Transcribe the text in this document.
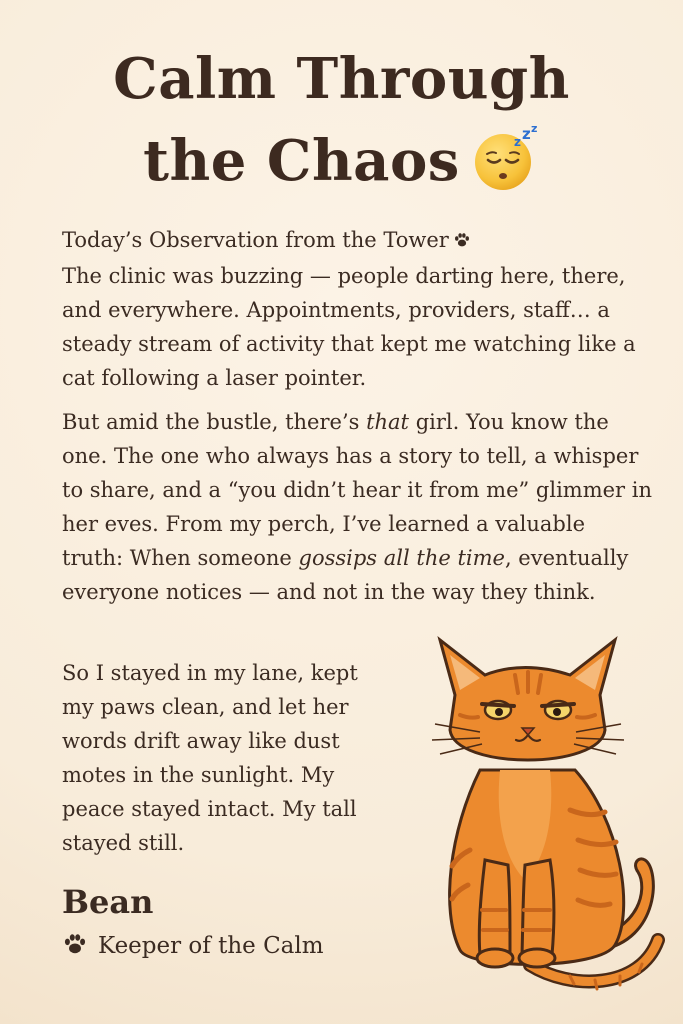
Calm Through
the Chaos	z z z
Today’s Observation from the Tower

The clinic was buzzing — people darting here, there, and everywhere. Appointments, providers, staff… a steady stream of activity that kept me watching like a cat following a laser pointer.

But amid the bustle, there’s that girl. You know the one. The one who always has a story to tell, a whisper to share, and a “you didn’t hear it from me” glimmer in her eves. From my perch, I’ve learned a valuable truth: When someone gossips all the time, eventually everyone notices — and not in the way they think.

So I stayed in my lane, kept my paws clean, and let her words drift away like dust motes in the sunlight. My peace stayed intact. My tall stayed still.

Bean
Keeper of the Calm
